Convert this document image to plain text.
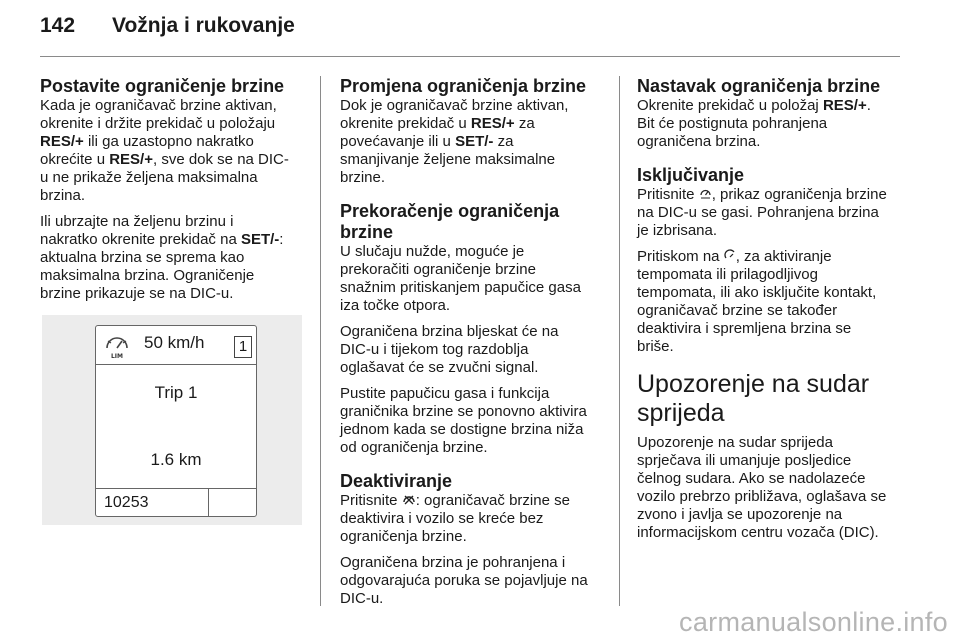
142 Vožnja i rukovanje
Postavite ograničenje brzine

Kada je ograničavač brzine aktivan,
okrenite i držite prekidač u položaju
RES/+ ili ga uzastopno nakratko
okrećite u RES/+, sve dok se na DIC-
u ne prikaže željena maksimalna
brzina.

Ili ubrzajte na željenu brzinu i
nakratko okrenite prekidač na SET/-:
aktualna brzina se sprema kao
maksimalna brzina. Ograničenje
brzine prikazuje se na DIC-u.

LIM
50 km/h	1
Trip 1
1.6 km
10253
Promjena ograničenja brzine

Dok je ograničavač brzine aktivan,
okrenite prekidač u RES/+ za
povećavanje ili u SET/- za
smanjivanje željene maksimalne
brzine.

Prekoračenje ograničenja
brzine

U slučaju nužde, moguće je
prekoračiti ograničenje brzine
snažnim pritiskanjem papučice gasa
iza točke otpora.

Ograničena brzina bljeskat će na
DIC-u i tijekom tog razdoblja
oglašavat će se zvučni signal.

Pustite papučicu gasa i funkcija
graničnika brzine se ponovno aktivira
jednom kada se dostigne brzina niža
od ograničenja brzine.

Deaktiviranje

Pritisnite : ograničavač brzine se
deaktivira i vozilo se kreće bez
ograničenja brzine.

Ograničena brzina je pohranjena i
odgovarajuća poruka se pojavljuje na
DIC-u.

Nastavak ograničenja brzine

Okrenite prekidač u položaj RES/+.
Bit će postignuta pohranjena
ograničena brzina.

Isključivanje

Pritisnite , prikaz ograničenja brzine
na DIC-u se gasi. Pohranjena brzina
je izbrisana.

Pritiskom na , za aktiviranje
tempomata ili prilagodljivog
tempomata, ili ako isključite kontakt,
ograničavač brzine se također
deaktivira i spremljena brzina se
briše.

Upozorenje na sudar
sprijeda

Upozorenje na sudar sprijeda
sprječava ili umanjuje posljedice
čelnog sudara. Ako se nadolazeće
vozilo prebrzo približava, oglašava se
zvono i javlja se upozorenje na
informacijskom centru vozača (DIC).

carmanualsonline.info
